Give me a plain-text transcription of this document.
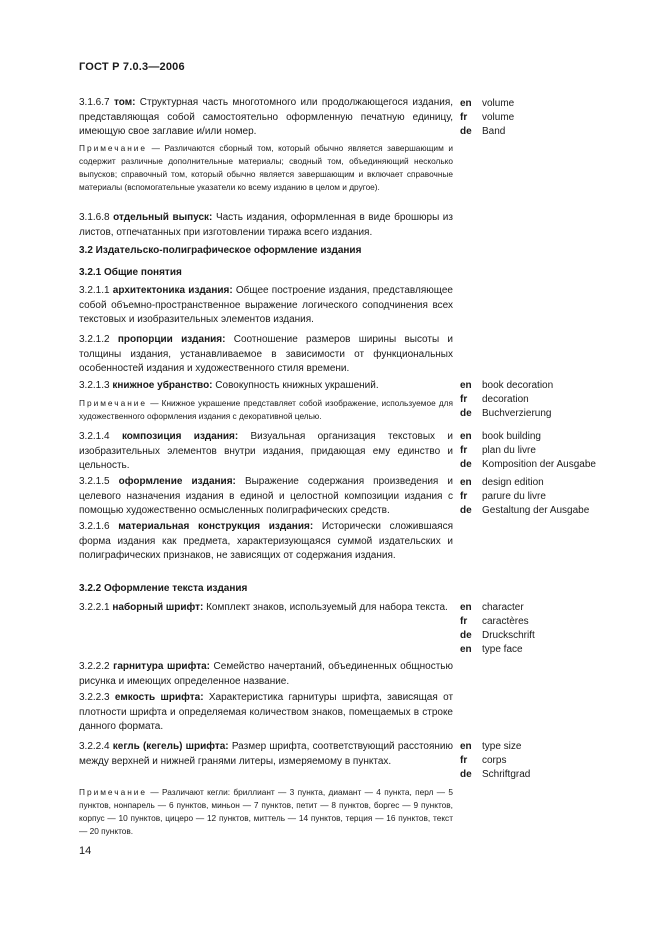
ГОСТ Р 7.0.3—2006
3.1.6.7 том: Структурная часть многотомного или продолжающегося издания, представляющая собой самостоятельно оформленную печатную единицу, имеющую свое заглавие и/или номер.
en	volume
fr	volume
de	Band
Примечание — Различаются сборный том, который обычно является завершающим и содержит различные дополнительные материалы; сводный том, объединяющий несколько выпусков; справочный том, который обычно является завершающим и включает справочные материалы (вспомогательные указатели ко всему изданию в целом и другое).
3.1.6.8 отдельный выпуск: Часть издания, оформленная в виде брошюры из листов, отпечатанных при изготовлении тиража всего издания.
3.2 Издательско-полиграфическое оформление издания
3.2.1 Общие понятия
3.2.1.1 архитектоника издания: Общее построение издания, представляющее собой объемно-пространственное выражение логического соподчинения всех текстовых и изобразительных элементов издания.
3.2.1.2 пропорции издания: Соотношение размеров ширины высоты и толщины издания, устанавливаемое в зависимости от функциональных особенностей издания и художественного стиля времени.
3.2.1.3 книжное убранство: Совокупность книжных украшений.	en	book decoration
fr	decoration
de	Buchverzierung
Примечание — Книжное украшение представляет собой изображение, используемое для художественного оформления издания с декоративной целью.
3.2.1.4 композиция издания: Визуальная организация текстовых и изобразительных элементов внутри издания, придающая ему единство и цельность.
en	book building
fr	plan du livre
de	Komposition der Ausgabe
3.2.1.5 оформление издания: Выражение содержания произведения и целевого назначения издания в единой и целостной композиции издания с помощью художественно осмысленных полиграфических средств.
en	design edition
fr	parure du livre
de	Gestaltung der Ausgabe
3.2.1.6 материальная конструкция издания: Исторически сложившаяся форма издания как предмета, характеризующаяся суммой издательских и полиграфических признаков, не зависящих от содержания издания.
3.2.2 Оформление текста издания
3.2.2.1 наборный шрифт: Комплект знаков, используемый для набора текста.	en	character
fr	caractères
de	Druckschrift
en	type face
3.2.2.2 гарнитура шрифта: Семейство начертаний, объединенных общностью рисунка и имеющих определенное название.
3.2.2.3 емкость шрифта: Характеристика гарнитуры шрифта, зависящая от плотности шрифта и определяемая количеством знаков, помещаемых в строке данного формата.
3.2.2.4 кегль (кегель) шрифта: Размер шрифта, соответствующий расстоянию между верхней и нижней гранями литеры, измеряемому в пунктах.
en	type size
fr	corps
de	Schriftgrad
Примечание — Различают кегли: бриллиант — 3 пункта, диамант — 4 пункта, перл — 5 пунктов, нонпарель — 6 пунктов, миньон — 7 пунктов, петит — 8 пунктов, боргес — 9 пунктов, корпус — 10 пунктов, цицеро — 12 пунктов, миттель — 14 пунктов, терция — 16 пунктов, текст — 20 пунктов.
14
